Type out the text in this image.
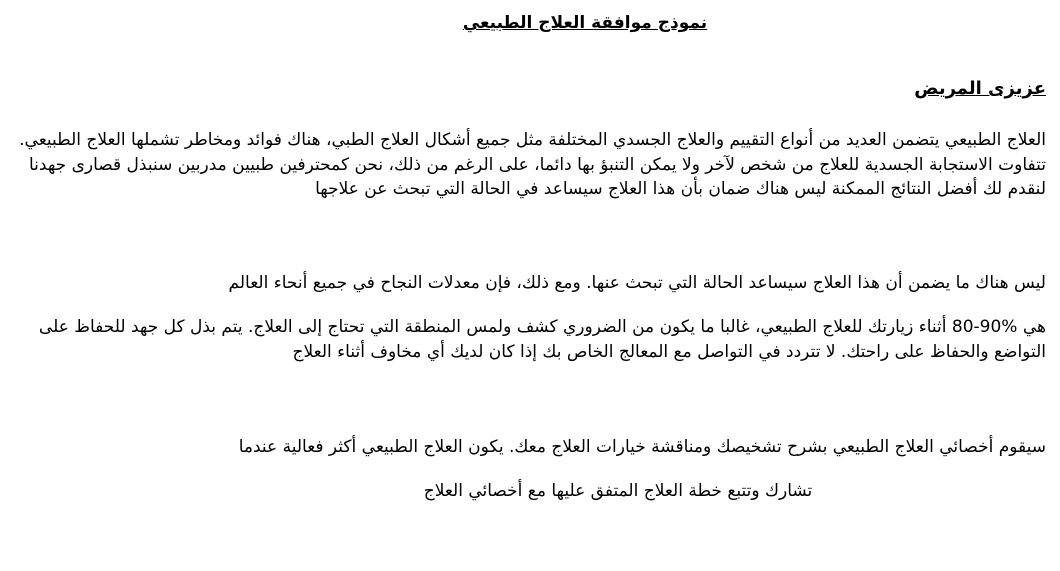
نموذج موافقة العلاج الطبيعي
عزيزى المريض

العلاج الطبيعي يتضمن العديد من أنواع التقييم والعلاج الجسدي المختلفة مثل جميع أشكال العلاج الطبي، هناك فوائد ومخاطر تشملها العلاج الطبيعي. تتفاوت الاستجابة الجسدية للعلاج من شخص لآخر ولا يمكن التنبؤ بها دائما، على الرغم من ذلك، نحن كمحترفين طبيين مدربين سنبذل قصارى جهدنا لنقدم لك أفضل النتائج الممكنة ليس هناك ضمان بأن هذا العلاج سيساعد في الحالة التي تبحث عن علاجها

ليس هناك ما يضمن أن هذا العلاج سيساعد الحالة التي تبحث عنها. ومع ذلك، فإن معدلات النجاح في جميع أنحاء العالم

هي %90-80 أثناء زيارتك للعلاج الطبيعي، غالبا ما يكون من الضروري كشف ولمس المنطقة التي تحتاج إلى العلاج. يتم بذل كل جهد للحفاظ على التواضع والحفاظ على راحتك. لا تتردد في التواصل مع المعالج الخاص بك إذا كان لديك أي مخاوف أثناء العلاج

سيقوم أخصائي العلاج الطبيعي بشرح تشخيصك ومناقشة خيارات العلاج معك. يكون العلاج الطبيعي أكثر فعالية عندما

تشارك وتتبع خطة العلاج المتفق عليها مع أخصائي العلاج
